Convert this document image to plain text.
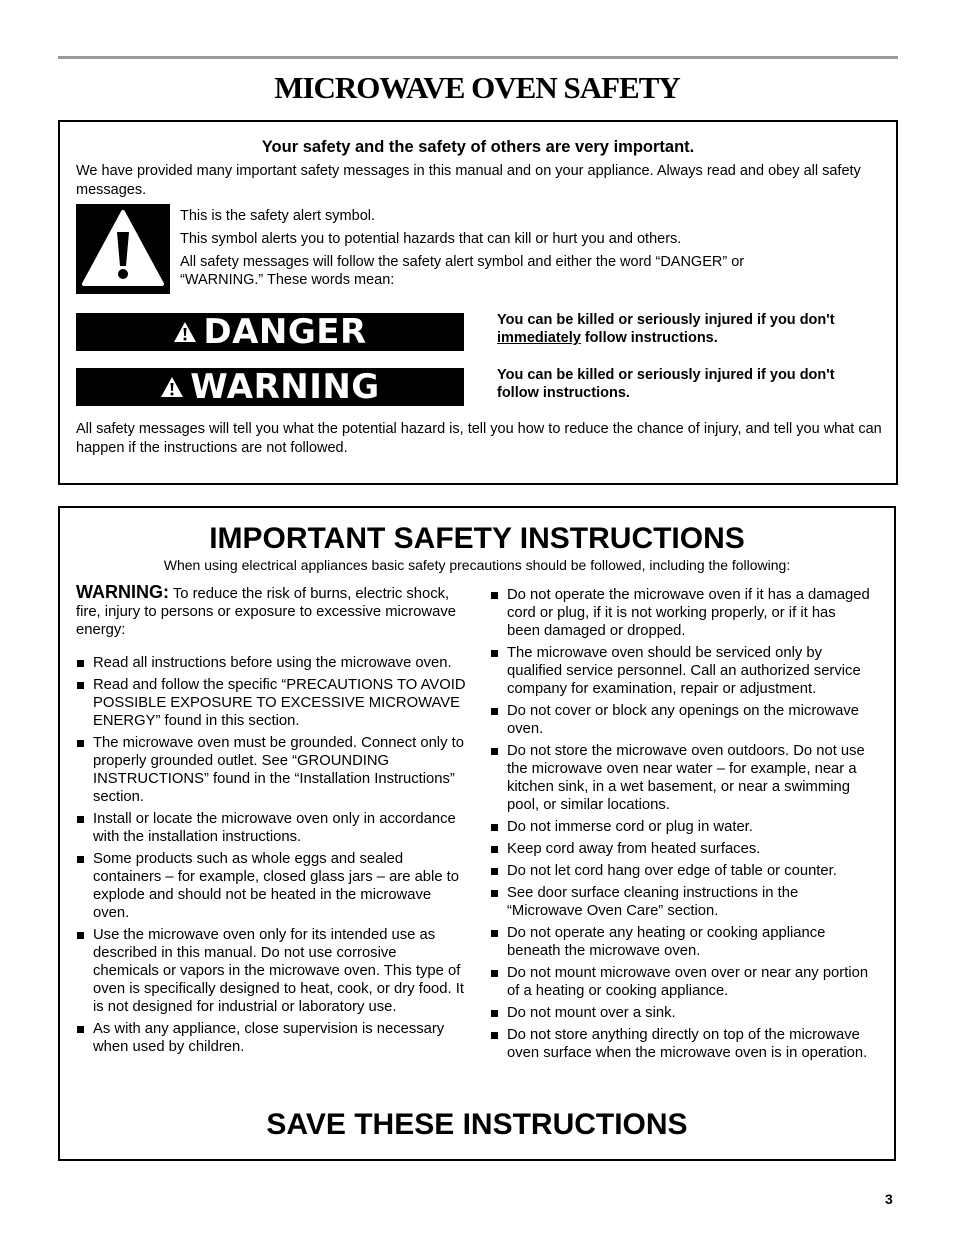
MICROWAVE OVEN SAFETY
Your safety and the safety of others are very important.
We have provided many important safety messages in this manual and on your appliance. Always read and obey all safety messages.
This is the safety alert symbol.
This symbol alerts you to potential hazards that can kill or hurt you and others.
All safety messages will follow the safety alert symbol and either the word “DANGER” or “WARNING.” These words mean:
DANGER	You can be killed or seriously injured if you don't immediately follow instructions.
WARNING	You can be killed or seriously injured if you don't follow instructions.
All safety messages will tell you what the potential hazard is, tell you how to reduce the chance of injury, and tell you what can happen if the instructions are not followed.
IMPORTANT SAFETY INSTRUCTIONS
When using electrical appliances basic safety precautions should be followed, including the following:
WARNING: To reduce the risk of burns, electric shock, fire, injury to persons or exposure to excessive microwave energy:
Read all instructions before using the microwave oven.
Read and follow the specific “PRECAUTIONS TO AVOID POSSIBLE EXPOSURE TO EXCESSIVE MICROWAVE ENERGY” found in this section.
The microwave oven must be grounded. Connect only to properly grounded outlet. See “GROUNDING INSTRUCTIONS” found in the “Installation Instructions” section.
Install or locate the microwave oven only in accordance with the installation instructions.
Some products such as whole eggs and sealed containers – for example, closed glass jars – are able to explode and should not be heated in the microwave oven.
Use the microwave oven only for its intended use as described in this manual. Do not use corrosive chemicals or vapors in the microwave oven. This type of oven is specifically designed to heat, cook, or dry food. It is not designed for industrial or laboratory use.
As with any appliance, close supervision is necessary when used by children.
Do not operate the microwave oven if it has a damaged cord or plug, if it is not working properly, or if it has been damaged or dropped.
The microwave oven should be serviced only by qualified service personnel. Call an authorized service company for examination, repair or adjustment.
Do not cover or block any openings on the microwave oven.
Do not store the microwave oven outdoors. Do not use the microwave oven near water – for example, near a kitchen sink, in a wet basement, or near a swimming pool, or similar locations.
Do not immerse cord or plug in water.
Keep cord away from heated surfaces.
Do not let cord hang over edge of table or counter.
See door surface cleaning instructions in the “Microwave Oven Care” section.
Do not operate any heating or cooking appliance beneath the microwave oven.
Do not mount microwave oven over or near any portion of a heating or cooking appliance.
Do not mount over a sink.
Do not store anything directly on top of the microwave oven surface when the microwave oven is in operation.
SAVE THESE INSTRUCTIONS
3
